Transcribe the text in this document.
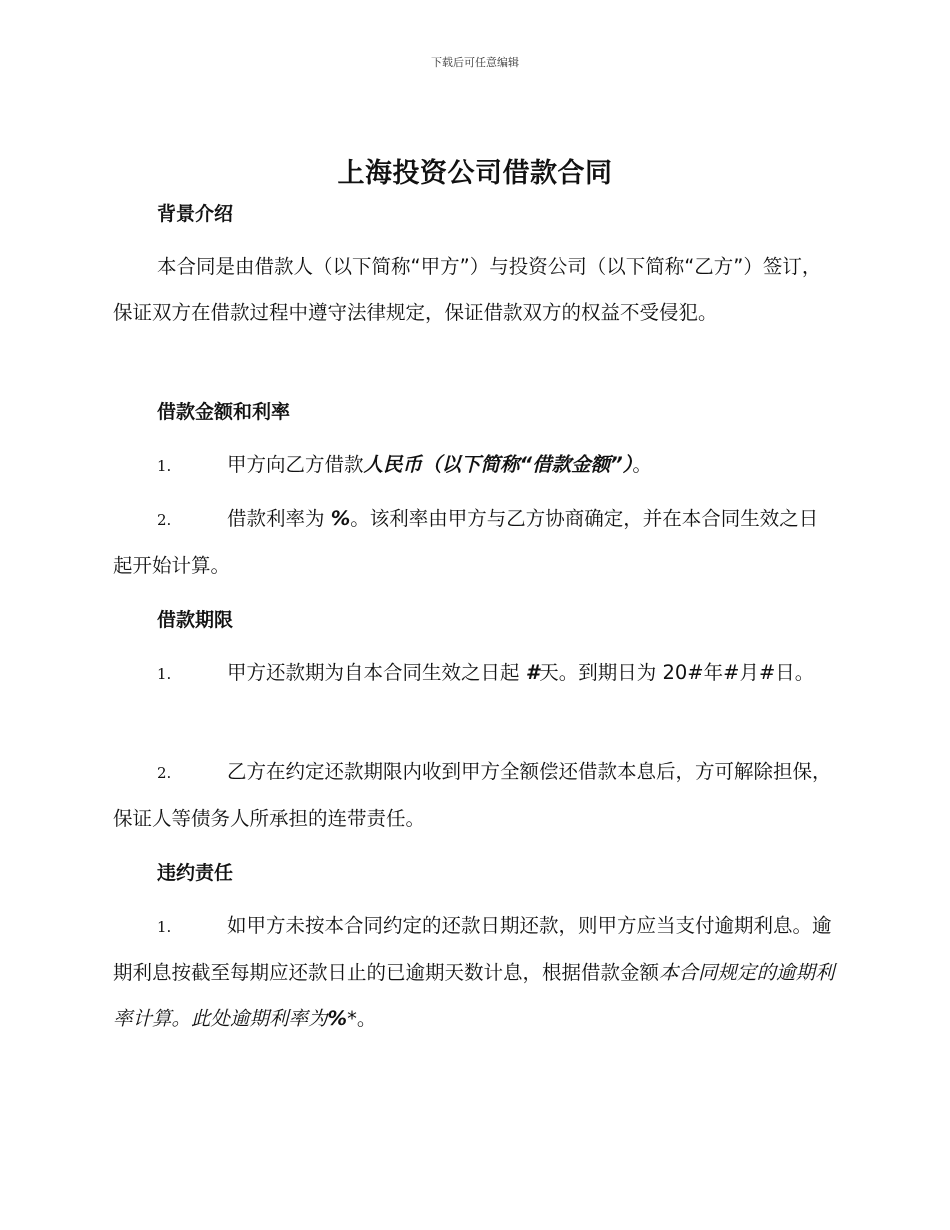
下载后可任意编辑
上海投资公司借款合同
背景介绍
本合同是由借款人（以下简称“甲方”）与投资公司（以下简称“乙方”）签订，保证双方在借款过程中遵守法律规定，保证借款双方的权益不受侵犯。
借款金额和利率
1.	甲方向乙方借款人民币（以下简称“借款金额”）。
2.	借款利率为 %。该利率由甲方与乙方协商确定，并在本合同生效之日起开始计算。
借款期限
1.	甲方还款期为自本合同生效之日起 #天。到期日为 20#年#月#日。
2.	乙方在约定还款期限内收到甲方全额偿还借款本息后，方可解除担保，保证人等债务人所承担的连带责任。
违约责任
1.	如甲方未按本合同约定的还款日期还款，则甲方应当支付逾期利息。逾期利息按截至每期应还款日止的已逾期天数计息，根据借款金额本合同规定的逾期利率计算。此处逾期利率为%*。
